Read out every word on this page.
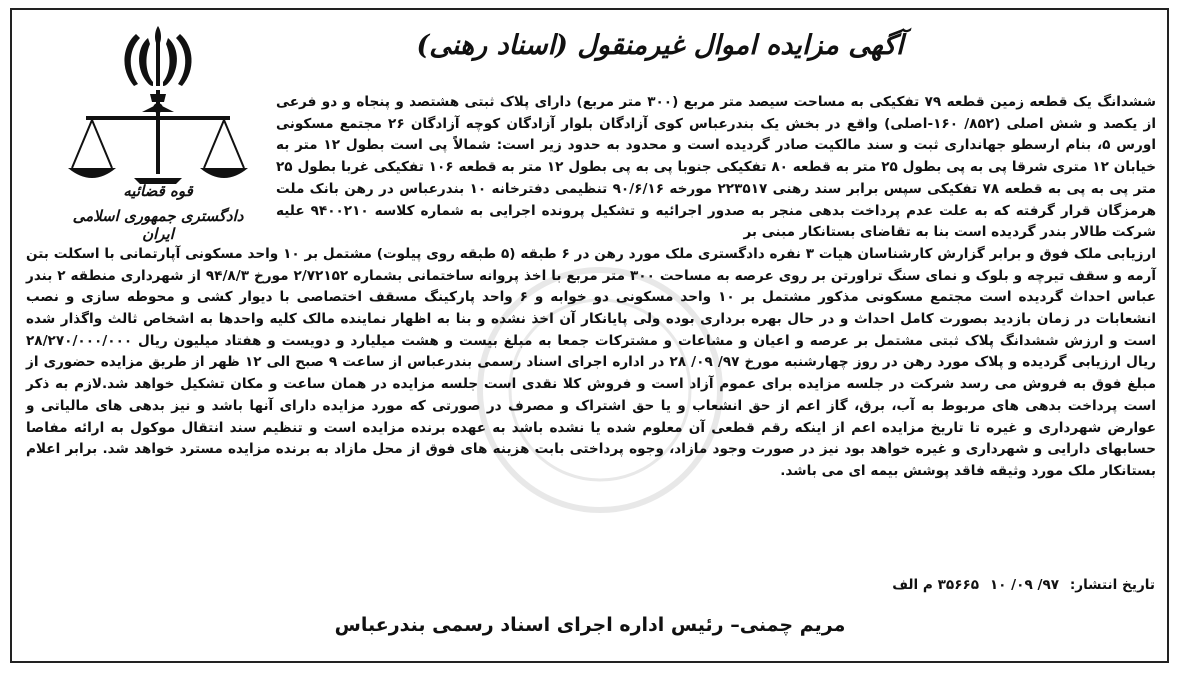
قوه قضائیه
دادگستری جمهوری اسلامی ایران
آگهی مزایده اموال غیرمنقول (اسناد رهنی)
ششدانگ یک قطعه زمین قطعه ۷۹ تفکیکی به مساحت سیصد متر مربع (۳۰۰ متر مربع) دارای پلاک ثبتی هشتصد و پنجاه و دو فرعی از یکصد و شش اصلی (۸۵۲/ ۱۶۰-اصلی) واقع در بخش یک بندرعباس کوی آزادگان بلوار آزادگان کوچه آزادگان ۲۶ مجتمع مسکونی اورس ۵، بنام ارسطو جهانداری ثبت و سند مالکیت صادر گردیده است و محدود به حدود زیر است: شمالاً پی است بطول ۱۲ متر به خیابان ۱۲ متری شرقا پی به پی بطول ۲۵ متر به قطعه ۸۰ تفکیکی جنوبا پی به پی بطول ۱۲ متر به قطعه ۱۰۶ تفکیکی غربا بطول ۲۵ متر پی به پی به قطعه ۷۸ تفکیکی سپس برابر سند رهنی ۲۲۳۵۱۷ مورخه ۹۰/۶/۱۶ تنظیمی دفترخانه ۱۰ بندرعباس در رهن بانک ملت هرمزگان قرار گرفته که به علت عدم پرداخت بدهی منجر به صدور اجرائیه و تشکیل پرونده اجرایی به شماره کلاسه ۹۴۰۰۲۱۰ علیه شرکت طالار بندر گردیده است بنا به تقاضای بستانکار مبنی بر
ارزیابی ملک فوق و برابر گزارش کارشناسان هیات ۳ نفره دادگستری ملک مورد رهن در ۶ طبقه (۵ طبقه روی پیلوت) مشتمل بر ۱۰ واحد مسکونی آپارتمانی با اسکلت بتن آرمه و سقف تیرچه و بلوک و نمای سنگ تراورتن بر روی عرصه به مساحت ۳۰۰ متر مربع با اخذ پروانه ساختمانی بشماره ۲/۷۲۱۵۲ مورخ ۹۴/۸/۳ از شهرداری منطقه ۲ بندر عباس احداث گردیده است مجتمع مسکونی مذکور مشتمل بر ۱۰ واحد مسکونی دو خوابه و ۶ واحد پارکینگ مسقف اختصاصی با دیوار کشی و محوطه سازی و نصب انشعابات در زمان بازدید بصورت کامل احداث و در حال بهره برداری بوده ولی پایانکار آن اخذ نشده و بنا به اظهار نماینده مالک کلیه واحدها به اشخاص ثالث واگذار شده است و ارزش ششدانگ پلاک ثبتی مشتمل بر عرصه و اعیان و مشاعات و مشترکات جمعا به مبلغ بیست و هشت میلیارد و دویست و هفتاد میلیون ریال ۲۸/۲۷۰/۰۰۰/۰۰۰ ریال ارزیابی گردیده و پلاک مورد رهن در روز چهارشنبه مورخ ۹۷/ ۰۹/ ۲۸ در اداره اجرای اسناد رسمی بندرعباس از ساعت ۹ صبح الی ۱۲ ظهر از طریق مزایده حضوری از مبلغ فوق به فروش می رسد شرکت در جلسه مزایده برای عموم آزاد است و فروش کلا نقدی است جلسه مزایده در همان ساعت و مکان تشکیل خواهد شد.لازم به ذکر است پرداخت بدهی های مربوط به آب، برق، گاز اعم از حق انشعاب و یا حق اشتراک و مصرف در صورتی که مورد مزایده دارای آنها باشد و نیز بدهی های مالیاتی و عوارض شهرداری و غیره تا تاریخ مزایده اعم از اینکه رقم قطعی آن معلوم شده یا نشده باشد به عهده برنده مزایده است و تنظیم سند انتقال موکول به ارائه مفاصا حسابهای دارایی و شهرداری و غیره خواهد بود نیز در صورت وجود مازاد، وجوه پرداختی بابت هزینه های فوق از محل مازاد به برنده مزایده مسترد خواهد شد. برابر اعلام بستانکار ملک مورد وثیقه فاقد پوشش بیمه ای می باشد.
تاریخ انتشار: ۹۷/ ۰۹/ ۱۰ ۳۵۶۶۵ م الف
مریم چمنی– رئیس اداره اجرای اسناد رسمی بندرعباس
